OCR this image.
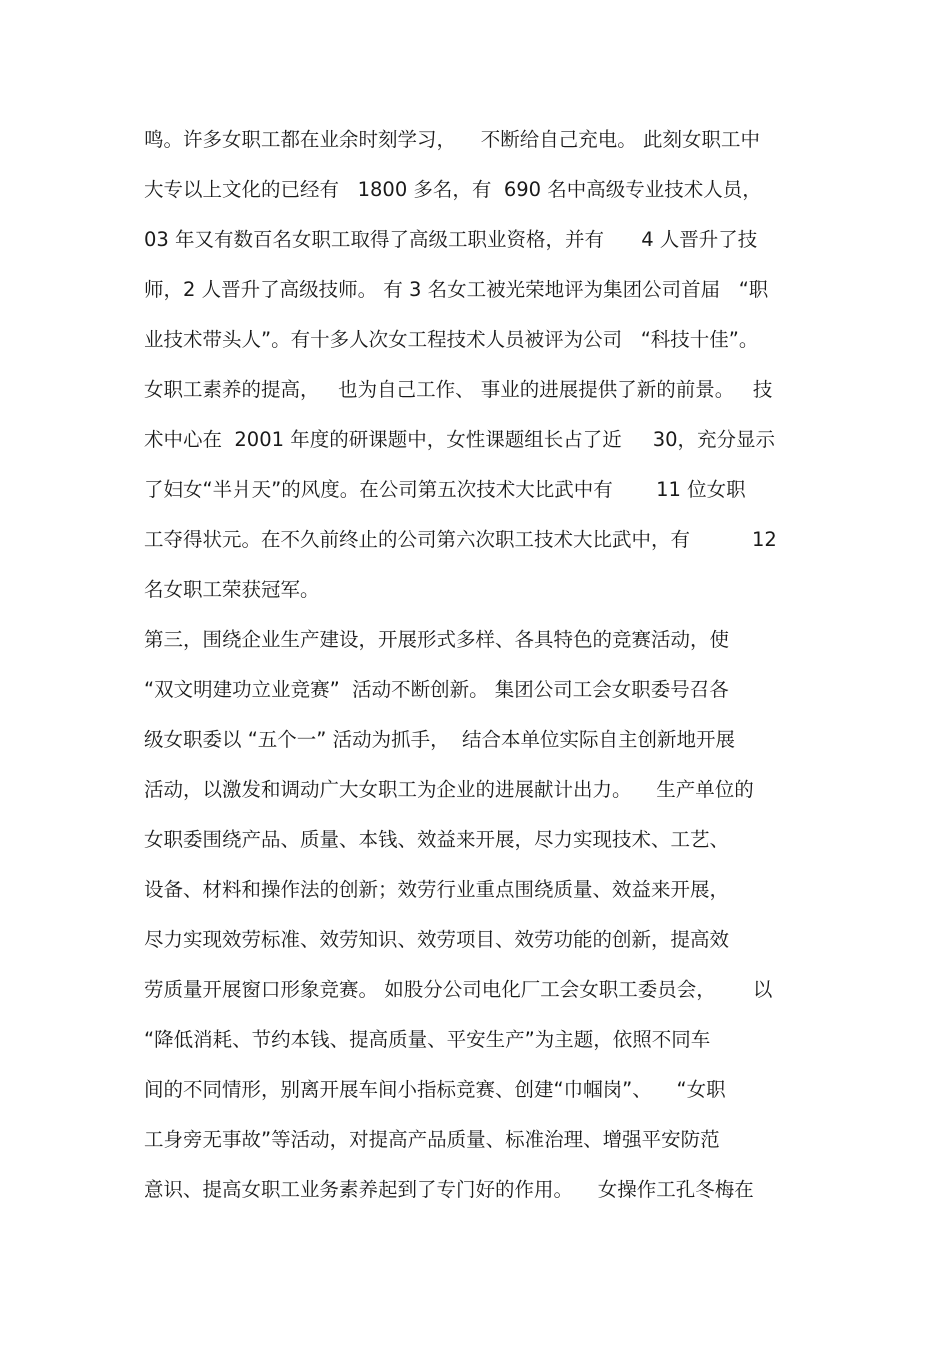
鸣。许多女职工都在业余时刻学习，    不断给自己充电。 此刻女职工中
大专以上文化的已经有   1800 多名，有  690 名中高级专业技术人员，
03 年又有数百名女职工取得了高级工职业资格，并有      4 人晋升了技
师，2 人晋升了高级技师。 有 3 名女工被光荣地评为集团公司首届   “职
业技术带头人”。有十多人次女工程技术人员被评为公司   “科技十佳”。
女职工素养的提高，   也为自己工作、 事业的进展提供了新的前景。   技
术中心在  2001 年度的研课题中，女性课题组长占了近     30，充分显示
了妇女“半爿天”的风度。在公司第五次技术大比武中有       11 位女职
工夺得状元。在不久前终止的公司第六次职工技术大比武中，有          12
名女职工荣获冠军。
第三，围绕企业生产建设，开展形式多样、各具特色的竞赛活动，使
“双文明建功立业竞赛”  活动不断创新。 集团公司工会女职委号召各
级女职委以 “五个一” 活动为抓手，  结合本单位实际自主创新地开展
活动，以激发和调动广大女职工为企业的进展献计出力。    生产单位的
女职委围绕产品、质量、本钱、效益来开展，尽力实现技术、工艺、
设备、材料和操作法的创新；效劳行业重点围绕质量、效益来开展，
尽力实现效劳标准、效劳知识、效劳项目、效劳功能的创新，提高效
劳质量开展窗口形象竞赛。 如股分公司电化厂工会女职工委员会，      以
“降低消耗、节约本钱、提高质量、平安生产”为主题，依照不同车
间的不同情形，别离开展车间小指标竞赛、创建“巾帼岗”、    “女职
工身旁无事故”等活动，对提高产品质量、标准治理、增强平安防范
意识、提高女职工业务素养起到了专门好的作用。    女操作工孔冬梅在
